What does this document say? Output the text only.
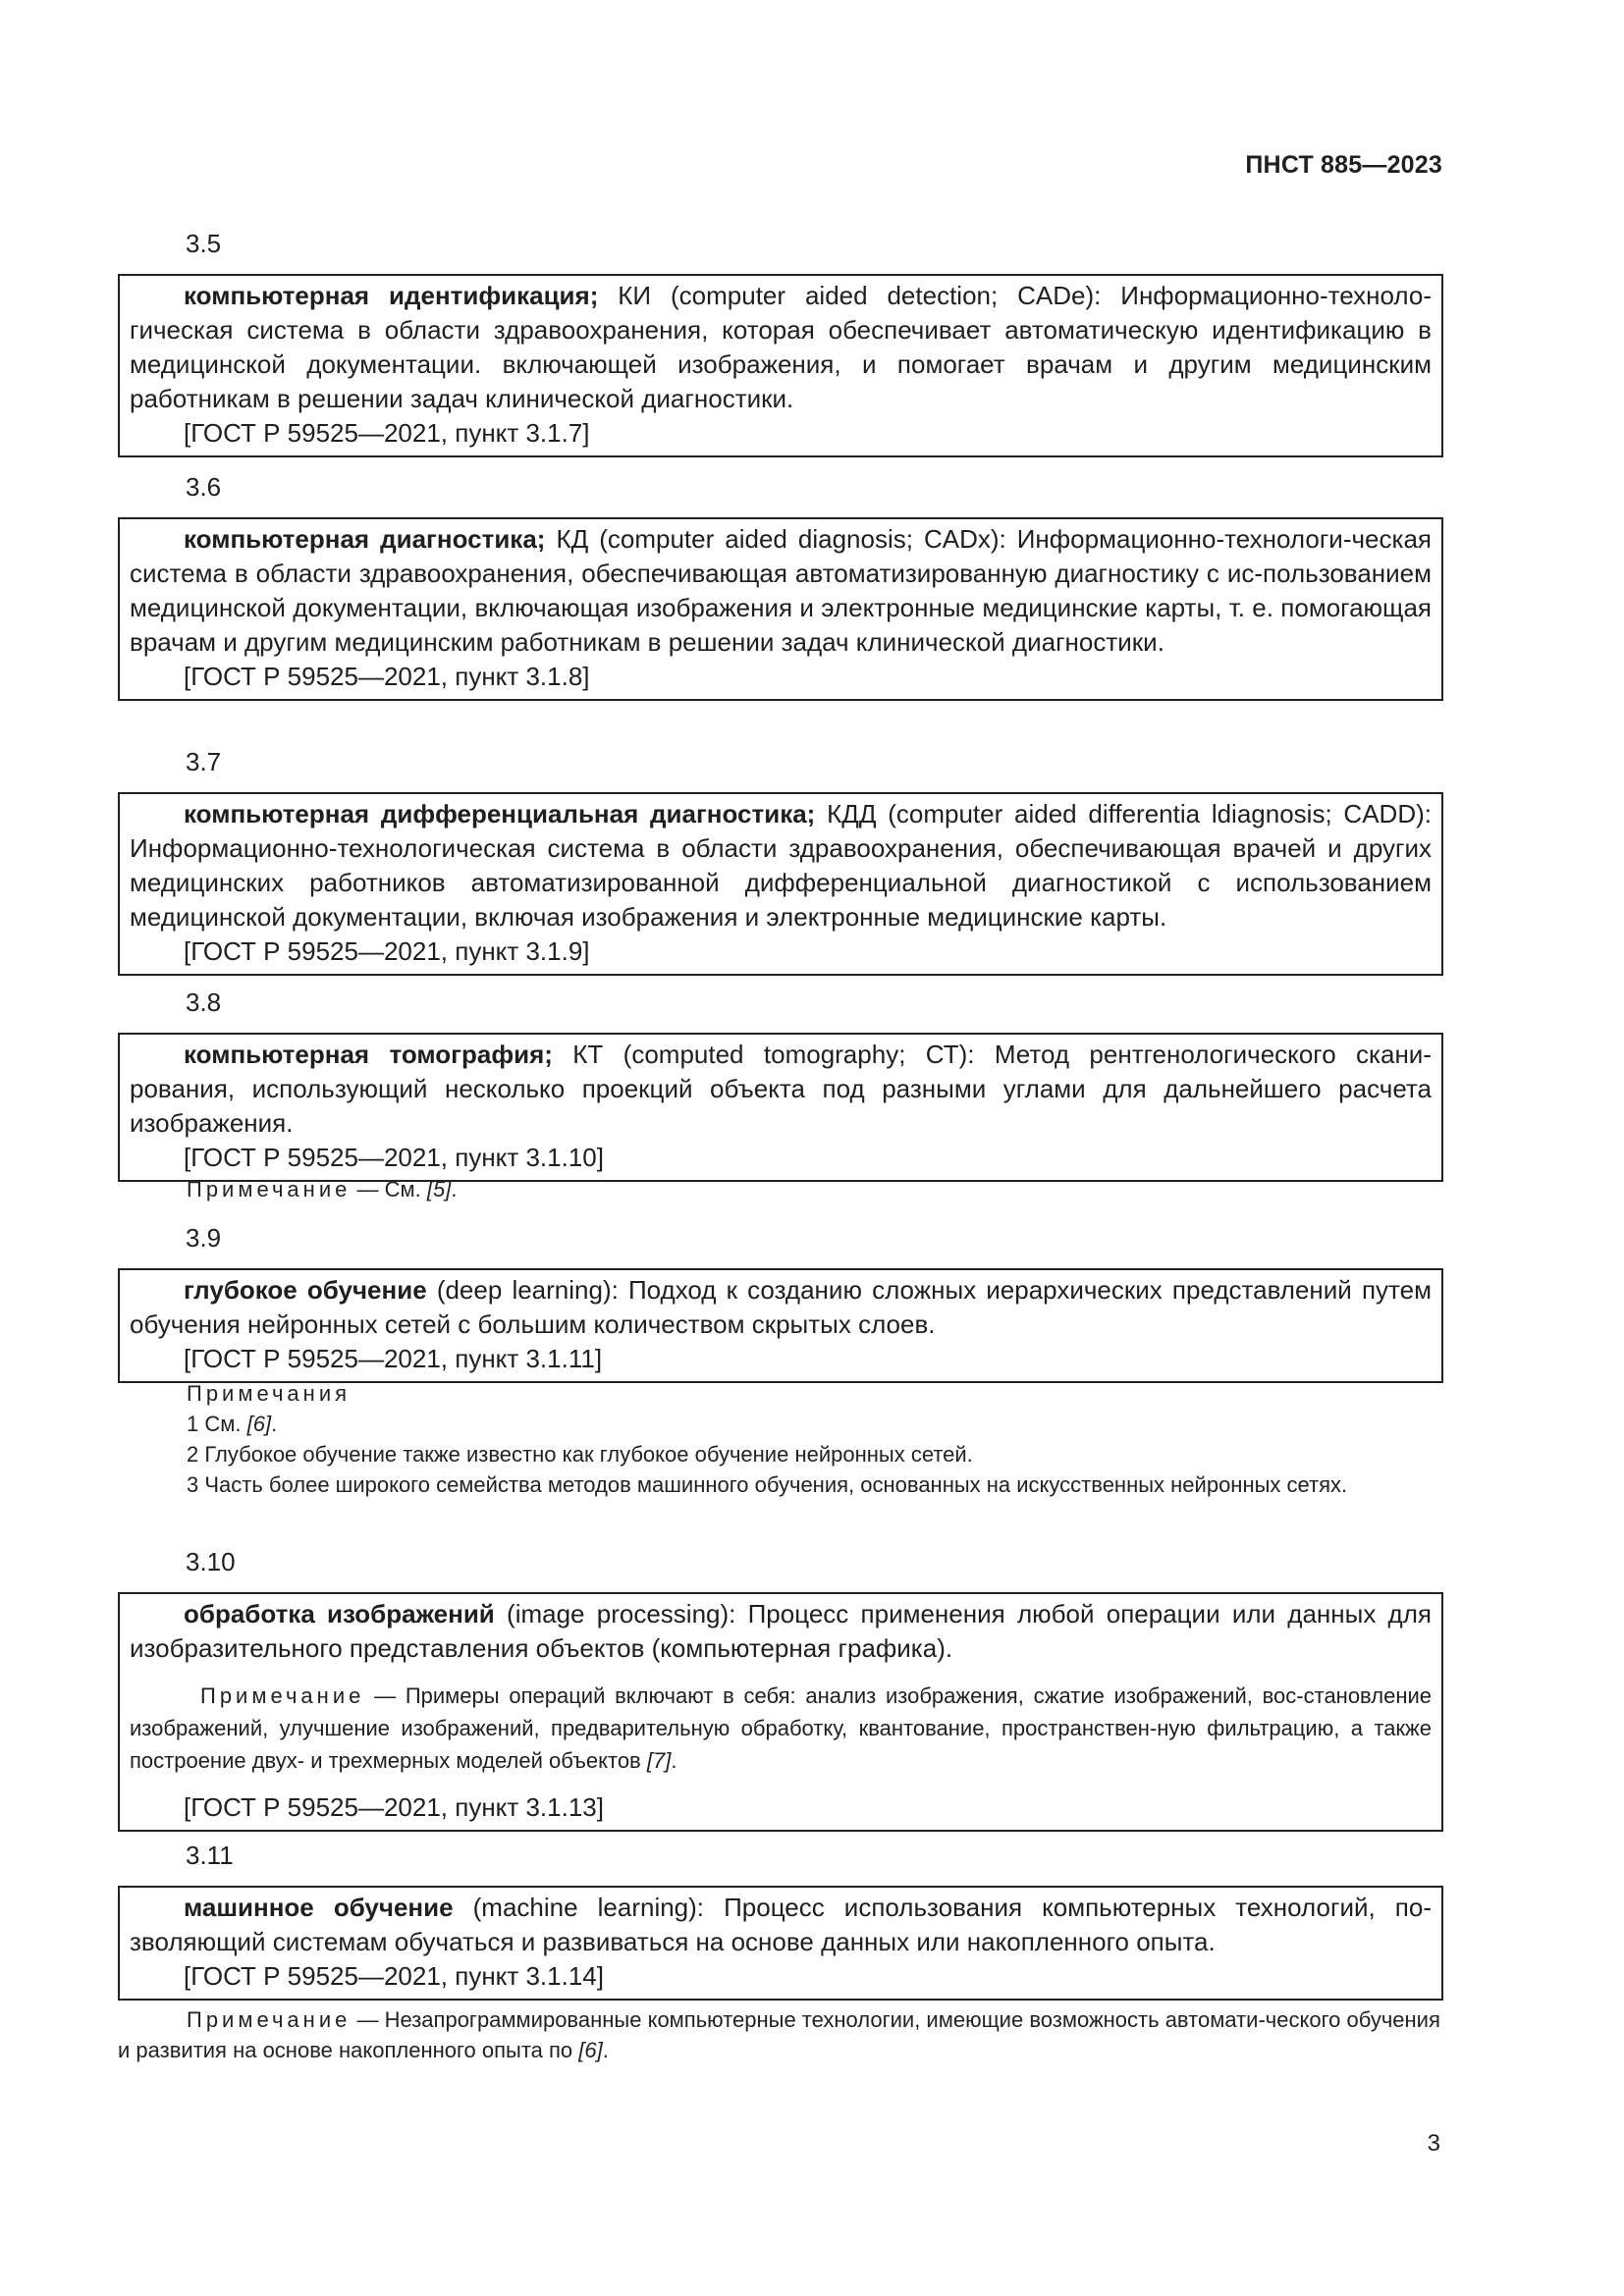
ПНСТ 885—2023
3.5
компьютерная идентификация; КИ (computer aided detection; CADe): Информационно-техноло-гическая система в области здравоохранения, которая обеспечивает автоматическую идентификацию в медицинской документации. включающей изображения, и помогает врачам и другим медицинским работникам в решении задач клинической диагностики.
[ГОСТ Р 59525—2021, пункт 3.1.7]
3.6
компьютерная диагностика; КД (computer aided diagnosis; CADx): Информационно-технологи-ческая система в области здравоохранения, обеспечивающая автоматизированную диагностику с ис-пользованием медицинской документации, включающая изображения и электронные медицинские карты, т. е. помогающая врачам и другим медицинским работникам в решении задач клинической диагностики.
[ГОСТ Р 59525—2021, пункт 3.1.8]
3.7
компьютерная дифференциальная диагностика; КДД (computer aided differentia ldiagnosis; CADD): Информационно-технологическая система в области здравоохранения, обеспечивающая врачей и других медицинских работников автоматизированной дифференциальной диагностикой с использованием медицинской документации, включая изображения и электронные медицинские карты.
[ГОСТ Р 59525—2021, пункт 3.1.9]
3.8
компьютерная томография; КТ (computed tomography; СТ): Метод рентгенологического скани-рования, использующий несколько проекций объекта под разными углами для дальнейшего расчета изображения.
[ГОСТ Р 59525—2021, пункт 3.1.10]
Примечание — См. [5].
3.9
глубокое обучение (deep learning): Подход к созданию сложных иерархических представлений путем обучения нейронных сетей с большим количеством скрытых слоев.
[ГОСТ Р 59525—2021, пункт 3.1.11]
Примечания
1 См. [6].
2 Глубокое обучение также известно как глубокое обучение нейронных сетей.
3 Часть более широкого семейства методов машинного обучения, основанных на искусственных нейронных сетях.
3.10
обработка изображений (image processing): Процесс применения любой операции или данных для изобразительного представления объектов (компьютерная графика).
Примечание — Примеры операций включают в себя: анализ изображения, сжатие изображений, вос-становление изображений, улучшение изображений, предварительную обработку, квантование, пространствен-ную фильтрацию, а также построение двух- и трехмерных моделей объектов [7].
[ГОСТ Р 59525—2021, пункт 3.1.13]
3.11
машинное обучение (machine learning): Процесс использования компьютерных технологий, по-зволяющий системам обучаться и развиваться на основе данных или накопленного опыта.
[ГОСТ Р 59525—2021, пункт 3.1.14]
Примечание — Незапрограммированные компьютерные технологии, имеющие возможность автомати-ческого обучения и развития на основе накопленного опыта по [6].
3
